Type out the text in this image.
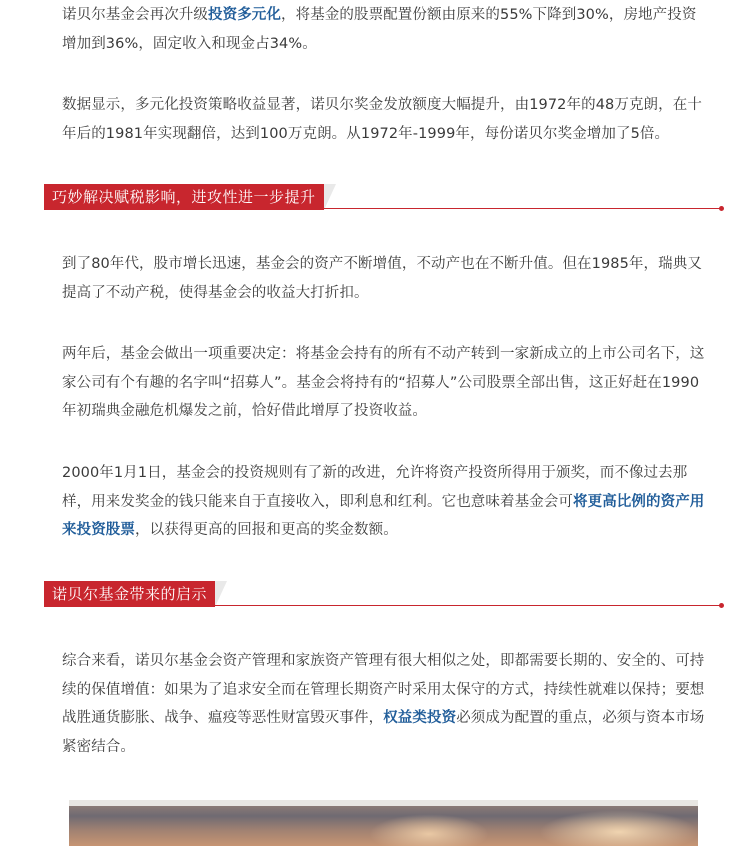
诺贝尔基金会再次升级投资多元化，将基金的股票配置份额由原来的55%下降到30%，房地产投资增加到36%，固定收入和现金占34%。

数据显示，多元化投资策略收益显著，诺贝尔奖金发放额度大幅提升，由1972年的48万克朗，在十年后的1981年实现翻倍，达到100万克朗。从1972年-1999年，每份诺贝尔奖金增加了5倍。

巧妙解决赋税影响，进攻性进一步提升

到了80年代，股市增长迅速，基金会的资产不断增值，不动产也在不断升值。但在1985年，瑞典又提高了不动产税，使得基金会的收益大打折扣。

两年后，基金会做出一项重要决定：将基金会持有的所有不动产转到一家新成立的上市公司名下，这家公司有个有趣的名字叫“招募人”。基金会将持有的“招募人”公司股票全部出售，这正好赶在1990年初瑞典金融危机爆发之前，恰好借此增厚了投资收益。

2000年1月1日，基金会的投资规则有了新的改进，允许将资产投资所得用于颁奖，而不像过去那样，用来发奖金的钱只能来自于直接收入，即利息和红利。它也意味着基金会可将更高比例的资产用来投资股票，以获得更高的回报和更高的奖金数额。

诺贝尔基金带来的启示

综合来看，诺贝尔基金会资产管理和家族资产管理有很大相似之处，即都需要长期的、安全的、可持续的保值增值：如果为了追求安全而在管理长期资产时采用太保守的方式，持续性就难以保持；要想战胜通货膨胀、战争、瘟疫等恶性财富毁灭事件，权益类投资必须成为配置的重点，必须与资本市场紧密结合。
